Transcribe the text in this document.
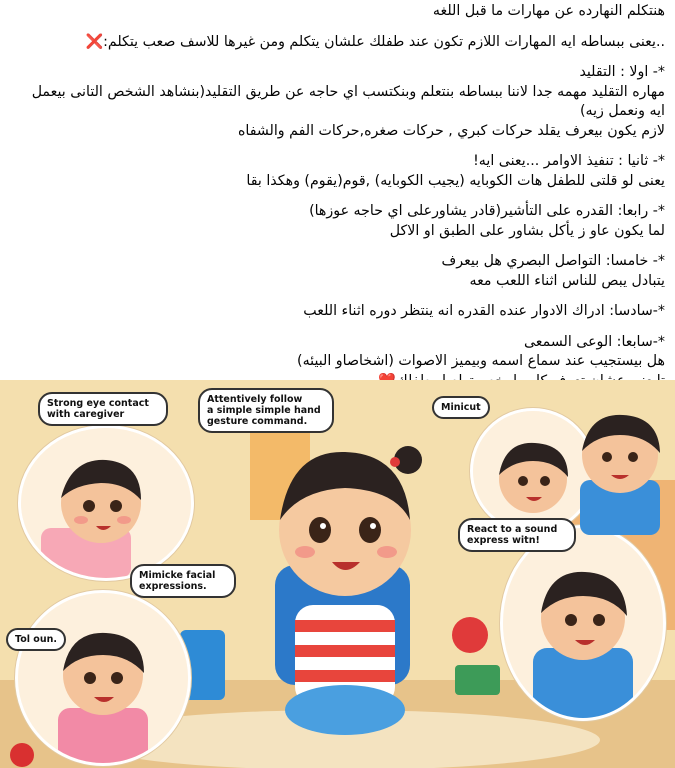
هنتكلم النهارده عن مهارات ما قبل اللغه

..يعنى ببساطه ايه المهارات اللازم تكون عند طفلك علشان يتكلم ومن غيرها للاسف صعب يتكلم:❌

*- اولا : التقليد

مهاره التقليد مهمه جدا لاننا ببساطه بنتعلم وبنكتسب اي حاجه عن طريق التقليد(بنشاهد الشخص التانى بيعمل

ايه ونعمل زيه)

لازم يكون بيعرف يقلد حركات كبري , حركات صغره,حركات الفم والشفاه

*- ثانيا : تنفيذ الاوامر ...يعنى ايه!

يعنى لو قلتى للطفل هات الكوبايه (يجيب الكوبايه) ,قوم(يقوم) وهكذا بقا

*- رابعا: القدره على التأشير(قادر يشاورعلى اي حاجه عوزها)

لما يكون عاو ز يأكل بشاور على الطبق او الاكل

*- خامسا: التواصل البصري هل بيعرف

يتبادل يبص للناس اثناء اللعب معه

*-سادسا: ادراك الادوار عنده القدره انه ينتظر دوره اثناء اللعب

*-سابعا: الوعى السمعى

هل بيستجيب عند سماع اسمه وبيميز الاصوات (اشخاصاو البيئه)

Strong eye contact
with caregiver
Attentively follow
a simple simple hand
gesture command.
Minicut
React to a sound
express witn!
Mimicke facial
expressions.
Tol oun.
